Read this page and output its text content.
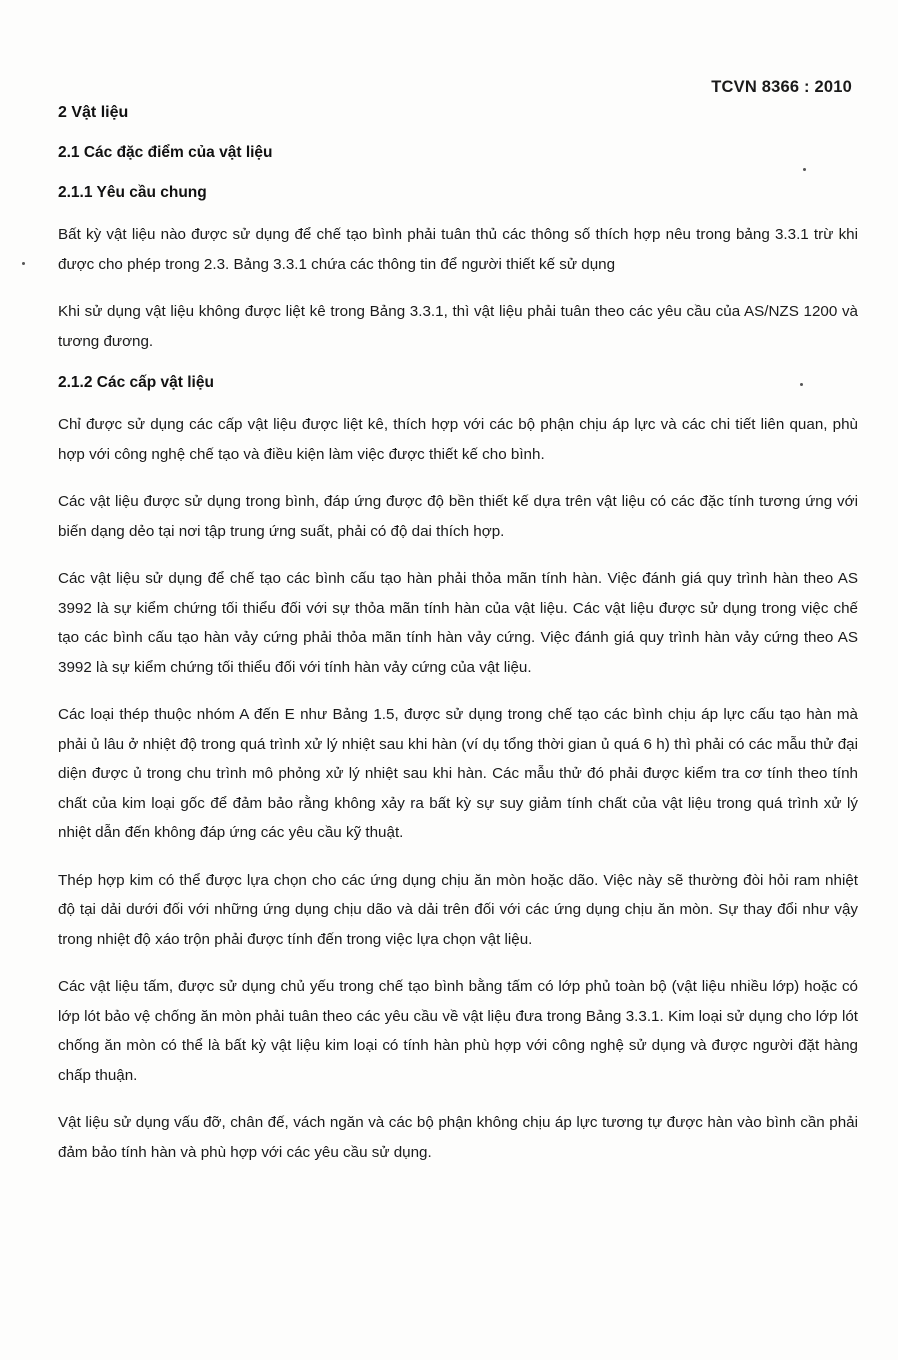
TCVN 8366 : 2010
2 Vật liệu
2.1 Các đặc điểm của vật liệu
2.1.1 Yêu cầu chung

Bất kỳ vật liệu nào được sử dụng để chế tạo bình phải tuân thủ các thông số thích hợp nêu trong bảng 3.3.1 trừ khi được cho phép trong 2.3. Bảng 3.3.1 chứa các thông tin để người thiết kế sử dụng

Khi sử dụng vật liệu không được liệt kê trong Bảng 3.3.1, thì vật liệu phải tuân theo các yêu cầu của AS/NZS 1200 và tương đương.

2.1.2 Các cấp vật liệu

Chỉ được sử dụng các cấp vật liệu được liệt kê, thích hợp với các bộ phận chịu áp lực và các chi tiết liên quan, phù hợp với công nghệ chế tạo và điều kiện làm việc được thiết kế cho bình.

Các vật liệu được sử dụng trong bình, đáp ứng được độ bền thiết kế dựa trên vật liệu có các đặc tính tương ứng với biến dạng dẻo tại nơi tập trung ứng suất, phải có độ dai thích hợp.

Các vật liệu sử dụng để chế tạo các bình cấu tạo hàn phải thỏa mãn tính hàn. Việc đánh giá quy trình hàn theo AS 3992 là sự kiểm chứng tối thiểu đối với sự thỏa mãn tính hàn của vật liệu. Các vật liệu được sử dụng trong việc chế tạo các bình cấu tạo hàn vảy cứng phải thỏa mãn tính hàn vảy cứng. Việc đánh giá quy trình hàn vảy cứng theo AS 3992 là sự kiểm chứng tối thiểu đối với tính hàn vảy cứng của vật liệu.

Các loại thép thuộc nhóm A đến E như Bảng 1.5, được sử dụng trong chế tạo các bình chịu áp lực cấu tạo hàn mà phải ủ lâu ở nhiệt độ trong quá trình xử lý nhiệt sau khi hàn (ví dụ tổng thời gian ủ quá 6 h) thì phải có các mẫu thử đại diện được ủ trong chu trình mô phỏng xử lý nhiệt sau khi hàn. Các mẫu thử đó phải được kiểm tra cơ tính theo tính chất của kim loại gốc để đảm bảo rằng không xảy ra bất kỳ sự suy giảm tính chất của vật liệu trong quá trình xử lý nhiệt dẫn đến không đáp ứng các yêu cầu kỹ thuật.

Thép hợp kim có thể được lựa chọn cho các ứng dụng chịu ăn mòn hoặc dão. Việc này sẽ thường đòi hỏi ram nhiệt độ tại dải dưới đối với những ứng dụng chịu dão và dải trên đối với các ứng dụng chịu ăn mòn. Sự thay đổi như vậy trong nhiệt độ xáo trộn phải được tính đến trong việc lựa chọn vật liệu.

Các vật liệu tấm, được sử dụng chủ yếu trong chế tạo bình bằng tấm có lớp phủ toàn bộ (vật liệu nhiều lớp) hoặc có lớp lót bảo vệ chống ăn mòn phải tuân theo các yêu cầu về vật liệu đưa trong Bảng 3.3.1. Kim loại sử dụng cho lớp lót chống ăn mòn có thể là bất kỳ vật liệu kim loại có tính hàn phù hợp với công nghệ sử dụng và được người đặt hàng chấp thuận.

Vật liệu sử dụng vấu đỡ, chân đế, vách ngăn và các bộ phận không chịu áp lực tương tự được hàn vào bình cần phải đảm bảo tính hàn và phù hợp với các yêu cầu sử dụng.
